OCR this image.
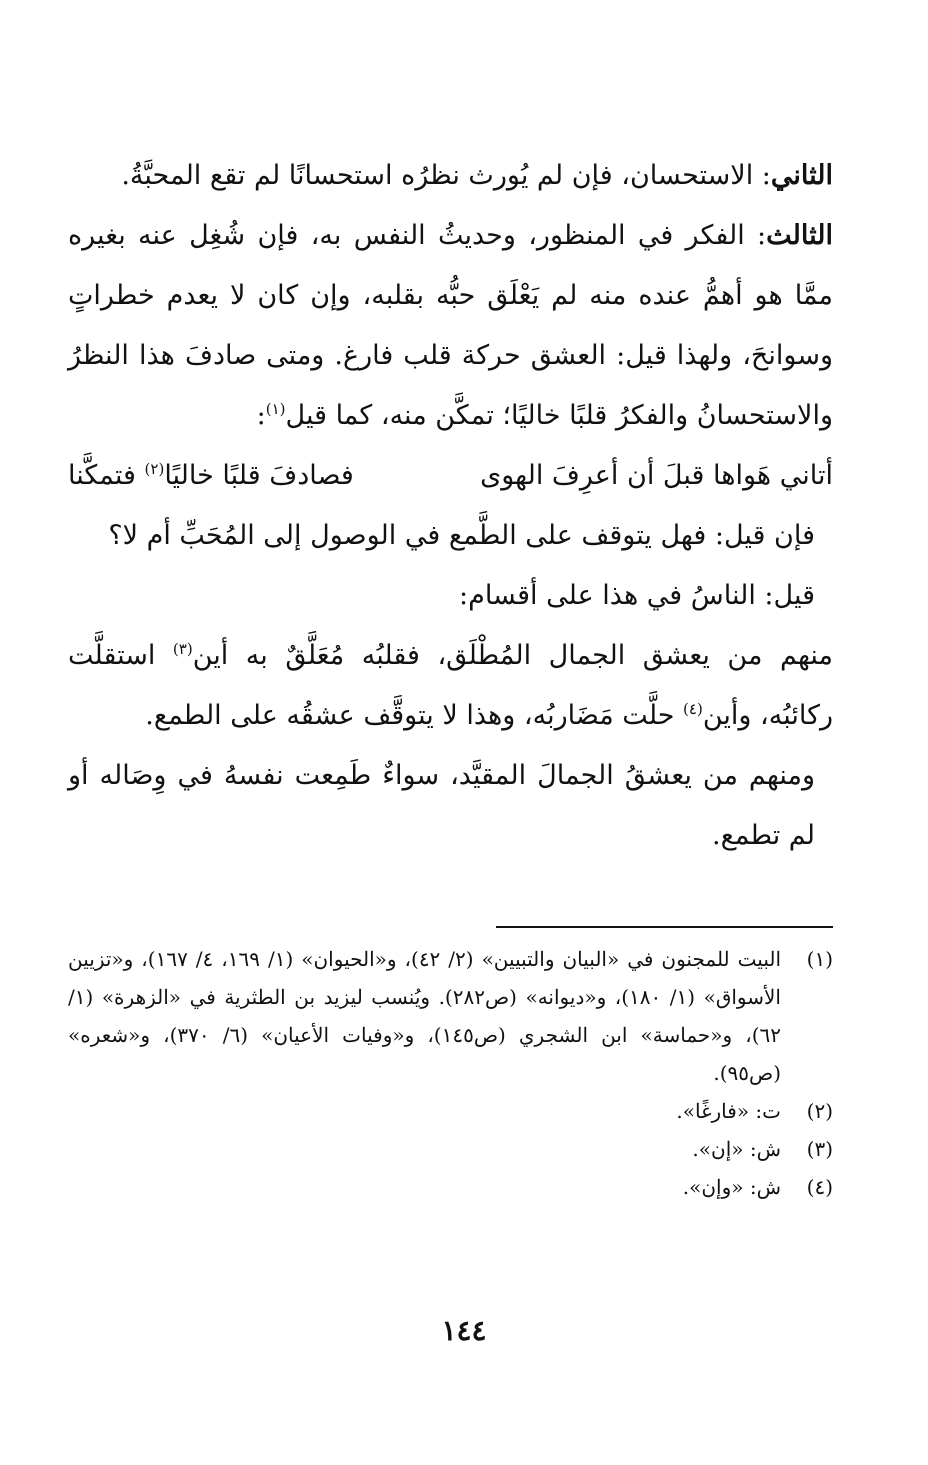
الثاني: الاستحسان، فإن لم يُورث نظرُه استحسانًا لم تقع المحبَّةُ.

الثالث: الفكر في المنظور، وحديثُ النفس به، فإن شُغِل عنه بغيره ممَّا هو أهمُّ عنده منه لم يَعْلَق حبُّه بقلبه، وإن كان لا يعدم خطراتٍ وسوانحَ، ولهذا قيل: العشق حركة قلب فارغ. ومتى صادفَ هذا النظرُ والاستحسانُ والفكرُ قلبًا خاليًا؛ تمكَّن منه، كما قيل$^{(١)}$:

أتاني هَواها قبلَ أن أعرِفَ الهوى
فصادفَ قلبًا خاليًا$^{(٢)}$ فتمكَّنا

فإن قيل: فهل يتوقف على الطَّمع في الوصول إلى المُحَبِّ أم لا؟

قيل: الناسُ في هذا على أقسام:

منهم من يعشق الجمال المُطْلَق، فقلبُه مُعَلَّقٌ به أين$^{(٣)}$ استقلَّت ركائبُه، وأين$^{(٤)}$ حلَّت مَضَاربُه، وهذا لا يتوقَّف عشقُه على الطمع.

ومنهم من يعشقُ الجمالَ المقيَّد، سواءٌ طَمِعت نفسهُ في وِصَاله أو لم تطمع.

(١)
البيت للمجنون في «البيان والتبيين» (٢/ ٤٢)، و«الحيوان» (١/ ١٦٩، ٤/ ١٦٧)، و«تزيين الأسواق» (١/ ١٨٠)، و«ديوانه» (ص٢٨٢). ويُنسب ليزيد بن الطثرية في «الزهرة» (١/ ٦٢)، و«حماسة» ابن الشجري (ص١٤٥)، و«وفيات الأعيان» (٦/ ٣٧٠)، و«شعره» (ص٩٥).

(٢)
ت: «فارغًا».

(٣)
ش: «إن».

(٤)
ش: «وإن».

١٤٤
